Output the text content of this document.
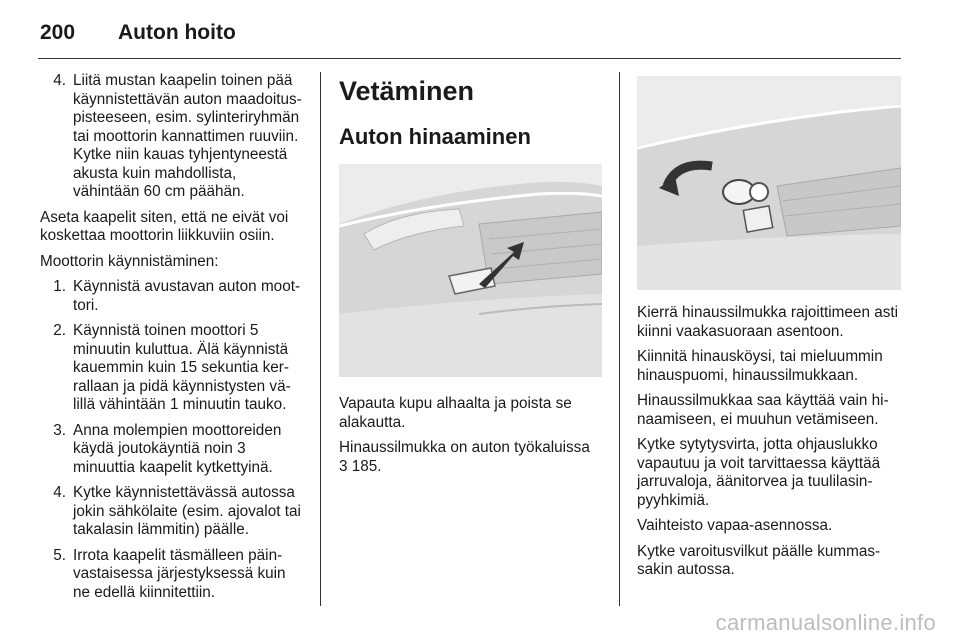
200	Auton hoito
4. Liitä mustan kaapelin toinen pää käynnistettävän auton maadoituspisteeseen, esim. sylinteriryhmän tai moottorin kannattimen ruuviin. Kytke niin kauas tyhjentyneestä akusta kuin mahdollista, vähintään 60 cm päähän.

Aseta kaapelit siten, että ne eivät voi koskettaa moottorin liikkuviin osiin.

Moottorin käynnistäminen:

1. Käynnistä avustavan auton moottori.
2. Käynnistä toinen moottori 5 minuutin kuluttua. Älä käynnistä kauemmin kuin 15 sekuntia kerrallaan ja pidä käynnistysten välillä vähintään 1 minuutin tauko.
3. Anna molempien moottoreiden käydä joutokäyntiä noin 3 minuuttia kaapelit kytkettyinä.
4. Kytke käynnistettävässä autossa jokin sähkölaite (esim. ajovalot tai takalasin lämmitin) päälle.
5. Irrota kaapelit täsmälleen päinvastaisessa järjestyksessä kuin ne edellä kiinnitettiin.
Vetäminen
Auton hinaaminen

Vapauta kupu alhaalta ja poista se alakautta.

Hinaussilmukka on auton työkaluissa
3 185.

Kierrä hinaussilmukka rajoittimeen asti kiinni vaakasuoraan asentoon.

Kiinnitä hinausköysi, tai mieluummin hinauspuomi, hinaussilmukkaan.

Hinaussilmukkaa saa käyttää vain hinaamiseen, ei muuhun vetämiseen.

Kytke sytytysvirta, jotta ohjauslukko vapautuu ja voit tarvittaessa käyttää jarruvaloja, äänitorvea ja tuulilasinpyyhkimiä.

Vaihteisto vapaa-asennossa.

Kytke varoitusvilkut päälle kummassakin autossa.

carmanualsonline.info
